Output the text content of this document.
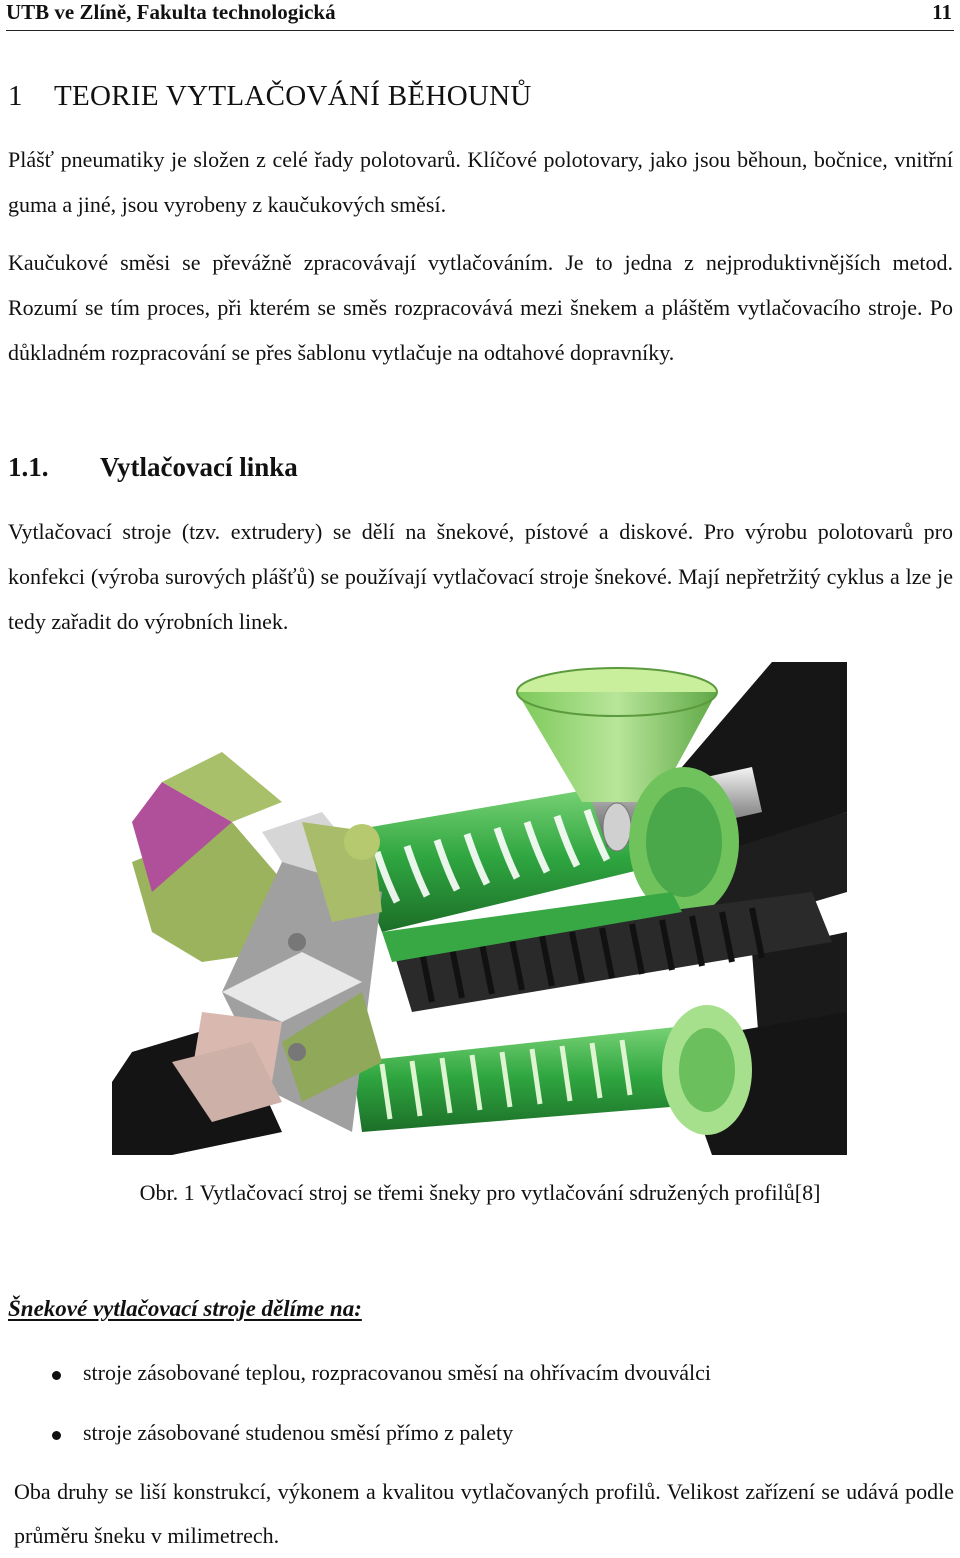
UTB ve Zlíně, Fakulta technologická	11
1 TEORIE VYTLAČOVÁNÍ BĚHOUNŮ

Plášť pneumatiky je složen z celé řady polotovarů. Klíčové polotovary, jako jsou běhoun, bočnice, vnitřní guma a jiné, jsou vyrobeny z kaučukových směsí.

Kaučukové směsi se převážně zpracovávají vytlačováním. Je to jedna z nejproduktivnějších metod. Rozumí se tím proces, při kterém se směs rozpracovává mezi šnekem a pláštěm vytlačovacího stroje. Po důkladném rozpracování se přes šablonu vytlačuje na odtahové dopravníky.

1.1. Vytlačovací linka

Vytlačovací stroje (tzv. extrudery) se dělí na šnekové, pístové a diskové. Pro výrobu polotovarů pro konfekci (výroba surových plášťů) se používají vytlačovací stroje šnekové. Mají nepřetržitý cyklus a lze je tedy zařadit do výrobních linek.

Obr. 1 Vytlačovací stroj se třemi šneky pro vytlačování sdružených profilů[8]
Šnekové vytlačovací stroje dělíme na:
stroje zásobované teplou, rozpracovanou směsí na ohřívacím dvouválci
stroje zásobované studenou směsí přímo z palety

Oba druhy se liší konstrukcí, výkonem a kvalitou vytlačovaných profilů. Velikost zařízení se udává podle průměru šneku v milimetrech.
